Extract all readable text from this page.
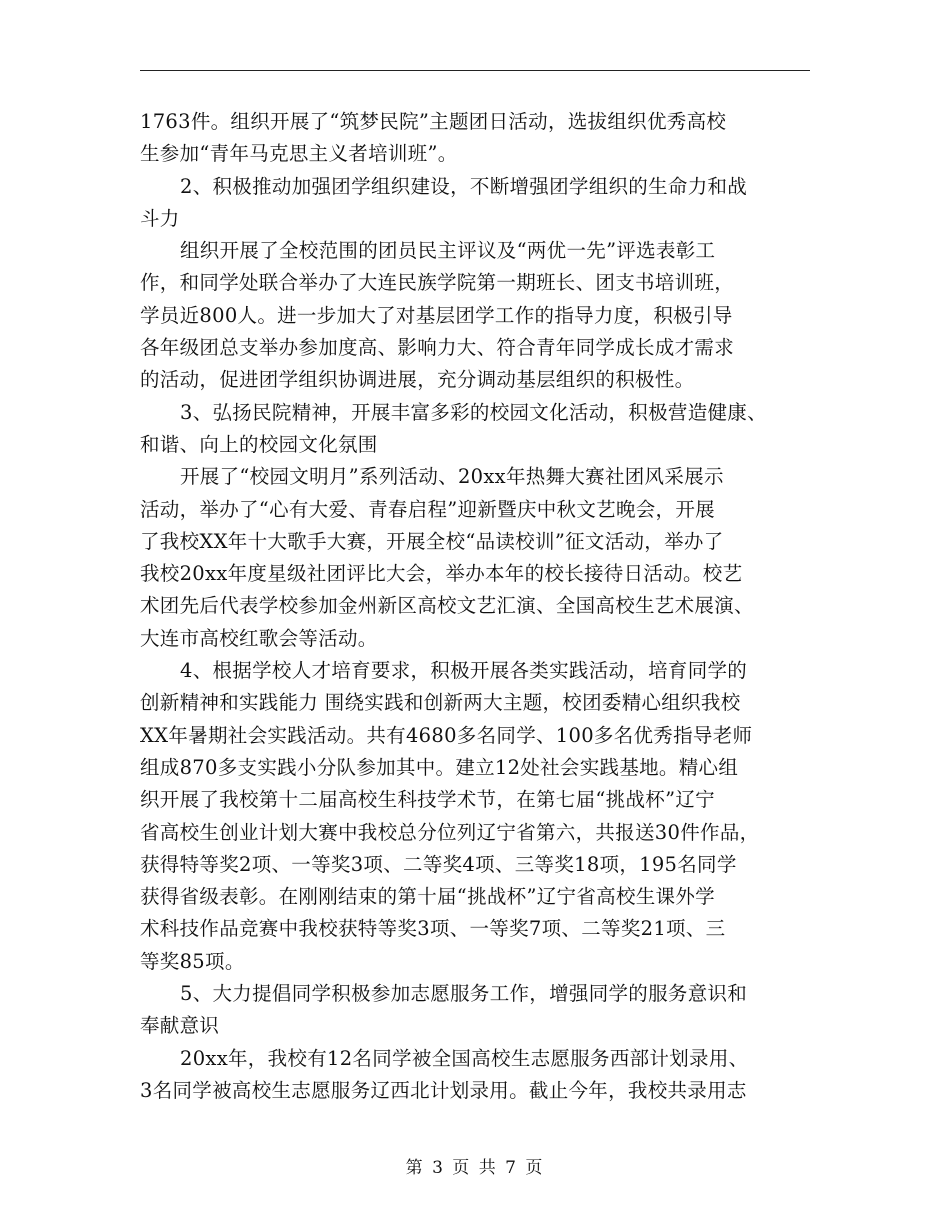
1763件。组织开展了“筑梦民院”主题团日活动，选拔组织优秀高校
生参加“青年马克思主义者培训班”。
2、积极推动加强团学组织建设，不断增强团学组织的生命力和战
斗力
组织开展了全校范围的团员民主评议及“两优一先”评选表彰工
作，和同学处联合举办了大连民族学院第一期班长、团支书培训班，
学员近800人。进一步加大了对基层团学工作的指导力度，积极引导
各年级团总支举办参加度高、影响力大、符合青年同学成长成才需求
的活动，促进团学组织协调进展，充分调动基层组织的积极性。
3、弘扬民院精神，开展丰富多彩的校园文化活动，积极营造健康、
和谐、向上的校园文化氛围
开展了“校园文明月”系列活动、20xx年热舞大赛社团风采展示
活动，举办了“心有大爱、青春启程”迎新暨庆中秋文艺晚会，开展
了我校XX年十大歌手大赛，开展全校“品读校训”征文活动，举办了
我校20xx年度星级社团评比大会，举办本年的校长接待日活动。校艺
术团先后代表学校参加金州新区高校文艺汇演、全国高校生艺术展演、
大连市高校红歌会等活动。
4、根据学校人才培育要求，积极开展各类实践活动，培育同学的
创新精神和实践能力 围绕实践和创新两大主题，校团委精心组织我校
XX年暑期社会实践活动。共有4680多名同学、100多名优秀指导老师
组成870多支实践小分队参加其中。建立12处社会实践基地。精心组
织开展了我校第十二届高校生科技学术节，在第七届“挑战杯”辽宁
省高校生创业计划大赛中我校总分位列辽宁省第六，共报送30件作品，
获得特等奖2项、一等奖3项、二等奖4项、三等奖18项，195名同学
获得省级表彰。在刚刚结束的第十届“挑战杯”辽宁省高校生课外学
术科技作品竞赛中我校获特等奖3项、一等奖7项、二等奖21项、三
等奖85项。
5、大力提倡同学积极参加志愿服务工作，增强同学的服务意识和
奉献意识
20xx年，我校有12名同学被全国高校生志愿服务西部计划录用、
3名同学被高校生志愿服务辽西北计划录用。截止今年，我校共录用志
第 3 页 共 7 页
